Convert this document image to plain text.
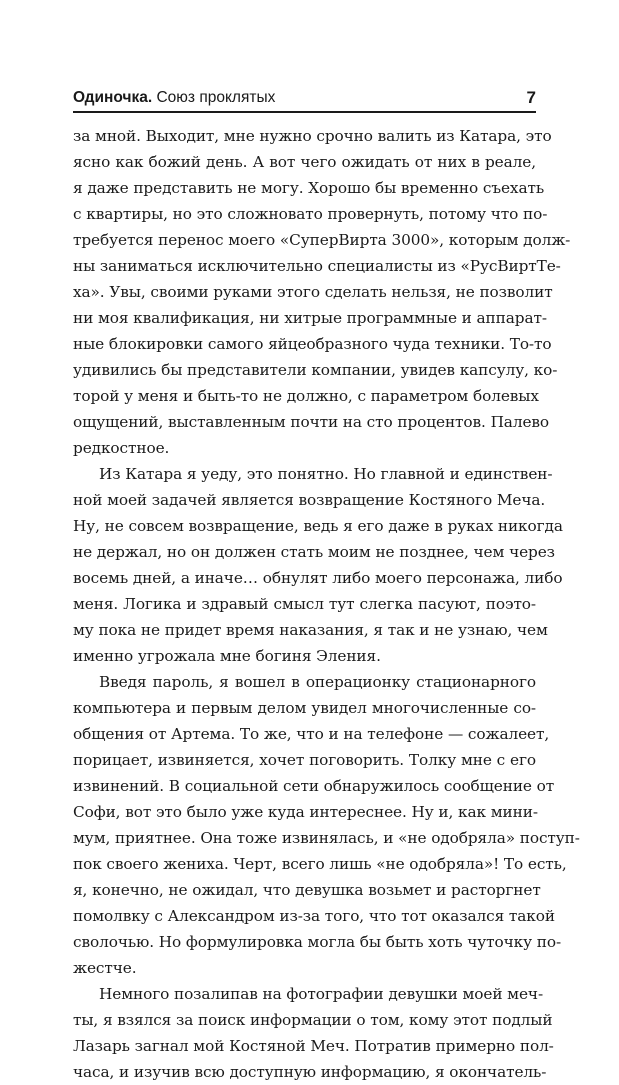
Одиночка. Союз проклятых	7
за мной. Выходит, мне нужно срочно валить из Катара, это
ясно как божий день. А вот чего ожидать от них в реале,
я даже представить не могу. Хорошо бы временно съехать
с квартиры, но это сложновато провернуть, потому что по-
требуется перенос моего «СуперВирта 3000», которым долж-
ны заниматься исключительно специалисты из «РусВиртТе-
ха». Увы, своими руками этого сделать нельзя, не позволит
ни моя квалификация, ни хитрые программные и аппарат-
ные блокировки самого яйцеобразного чуда техники. То-то
удивились бы представители компании, увидев капсулу, ко-
торой у меня и быть-то не должно, с параметром болевых
ощущений, выставленным почти на сто процентов. Палево
редкостное.
Из Катара я уеду, это понятно. Но главной и единствен-
ной моей задачей является возвращение Костяного Меча.
Ну, не совсем возвращение, ведь я его даже в руках никогда
не держал, но он должен стать моим не позднее, чем через
восемь дней, а иначе… обнулят либо моего персонажа, либо
меня. Логика и здравый смысл тут слегка пасуют, поэто-
му пока не придет время наказания, я так и не узнаю, чем
именно угрожала мне богиня Эления.
Введя пароль, я вошел в операционку стационарного
компьютера и первым делом увидел многочисленные со-
общения от Артема. То же, что и на телефоне — сожалеет,
порицает, извиняется, хочет поговорить. Толку мне с его
извинений. В социальной сети обнаружилось сообщение от
Софи, вот это было уже куда интереснее. Ну и, как мини-
мум, приятнее. Она тоже извинялась, и «не одобряла» поступ-
пок своего жениха. Черт, всего лишь «не одобряла»! То есть,
я, конечно, не ожидал, что девушка возьмет и расторгнет
помолвку с Александром из-за того, что тот оказался такой
сволочью. Но формулировка могла бы быть хоть чуточку по-
жестче.
Немного позалипав на фотографии девушки моей меч-
ты, я взялся за поиск информации о том, кому этот подлый
Лазарь загнал мой Костяной Меч. Потратив примерно пол-
часа, и изучив всю доступную информацию, я окончатель-
